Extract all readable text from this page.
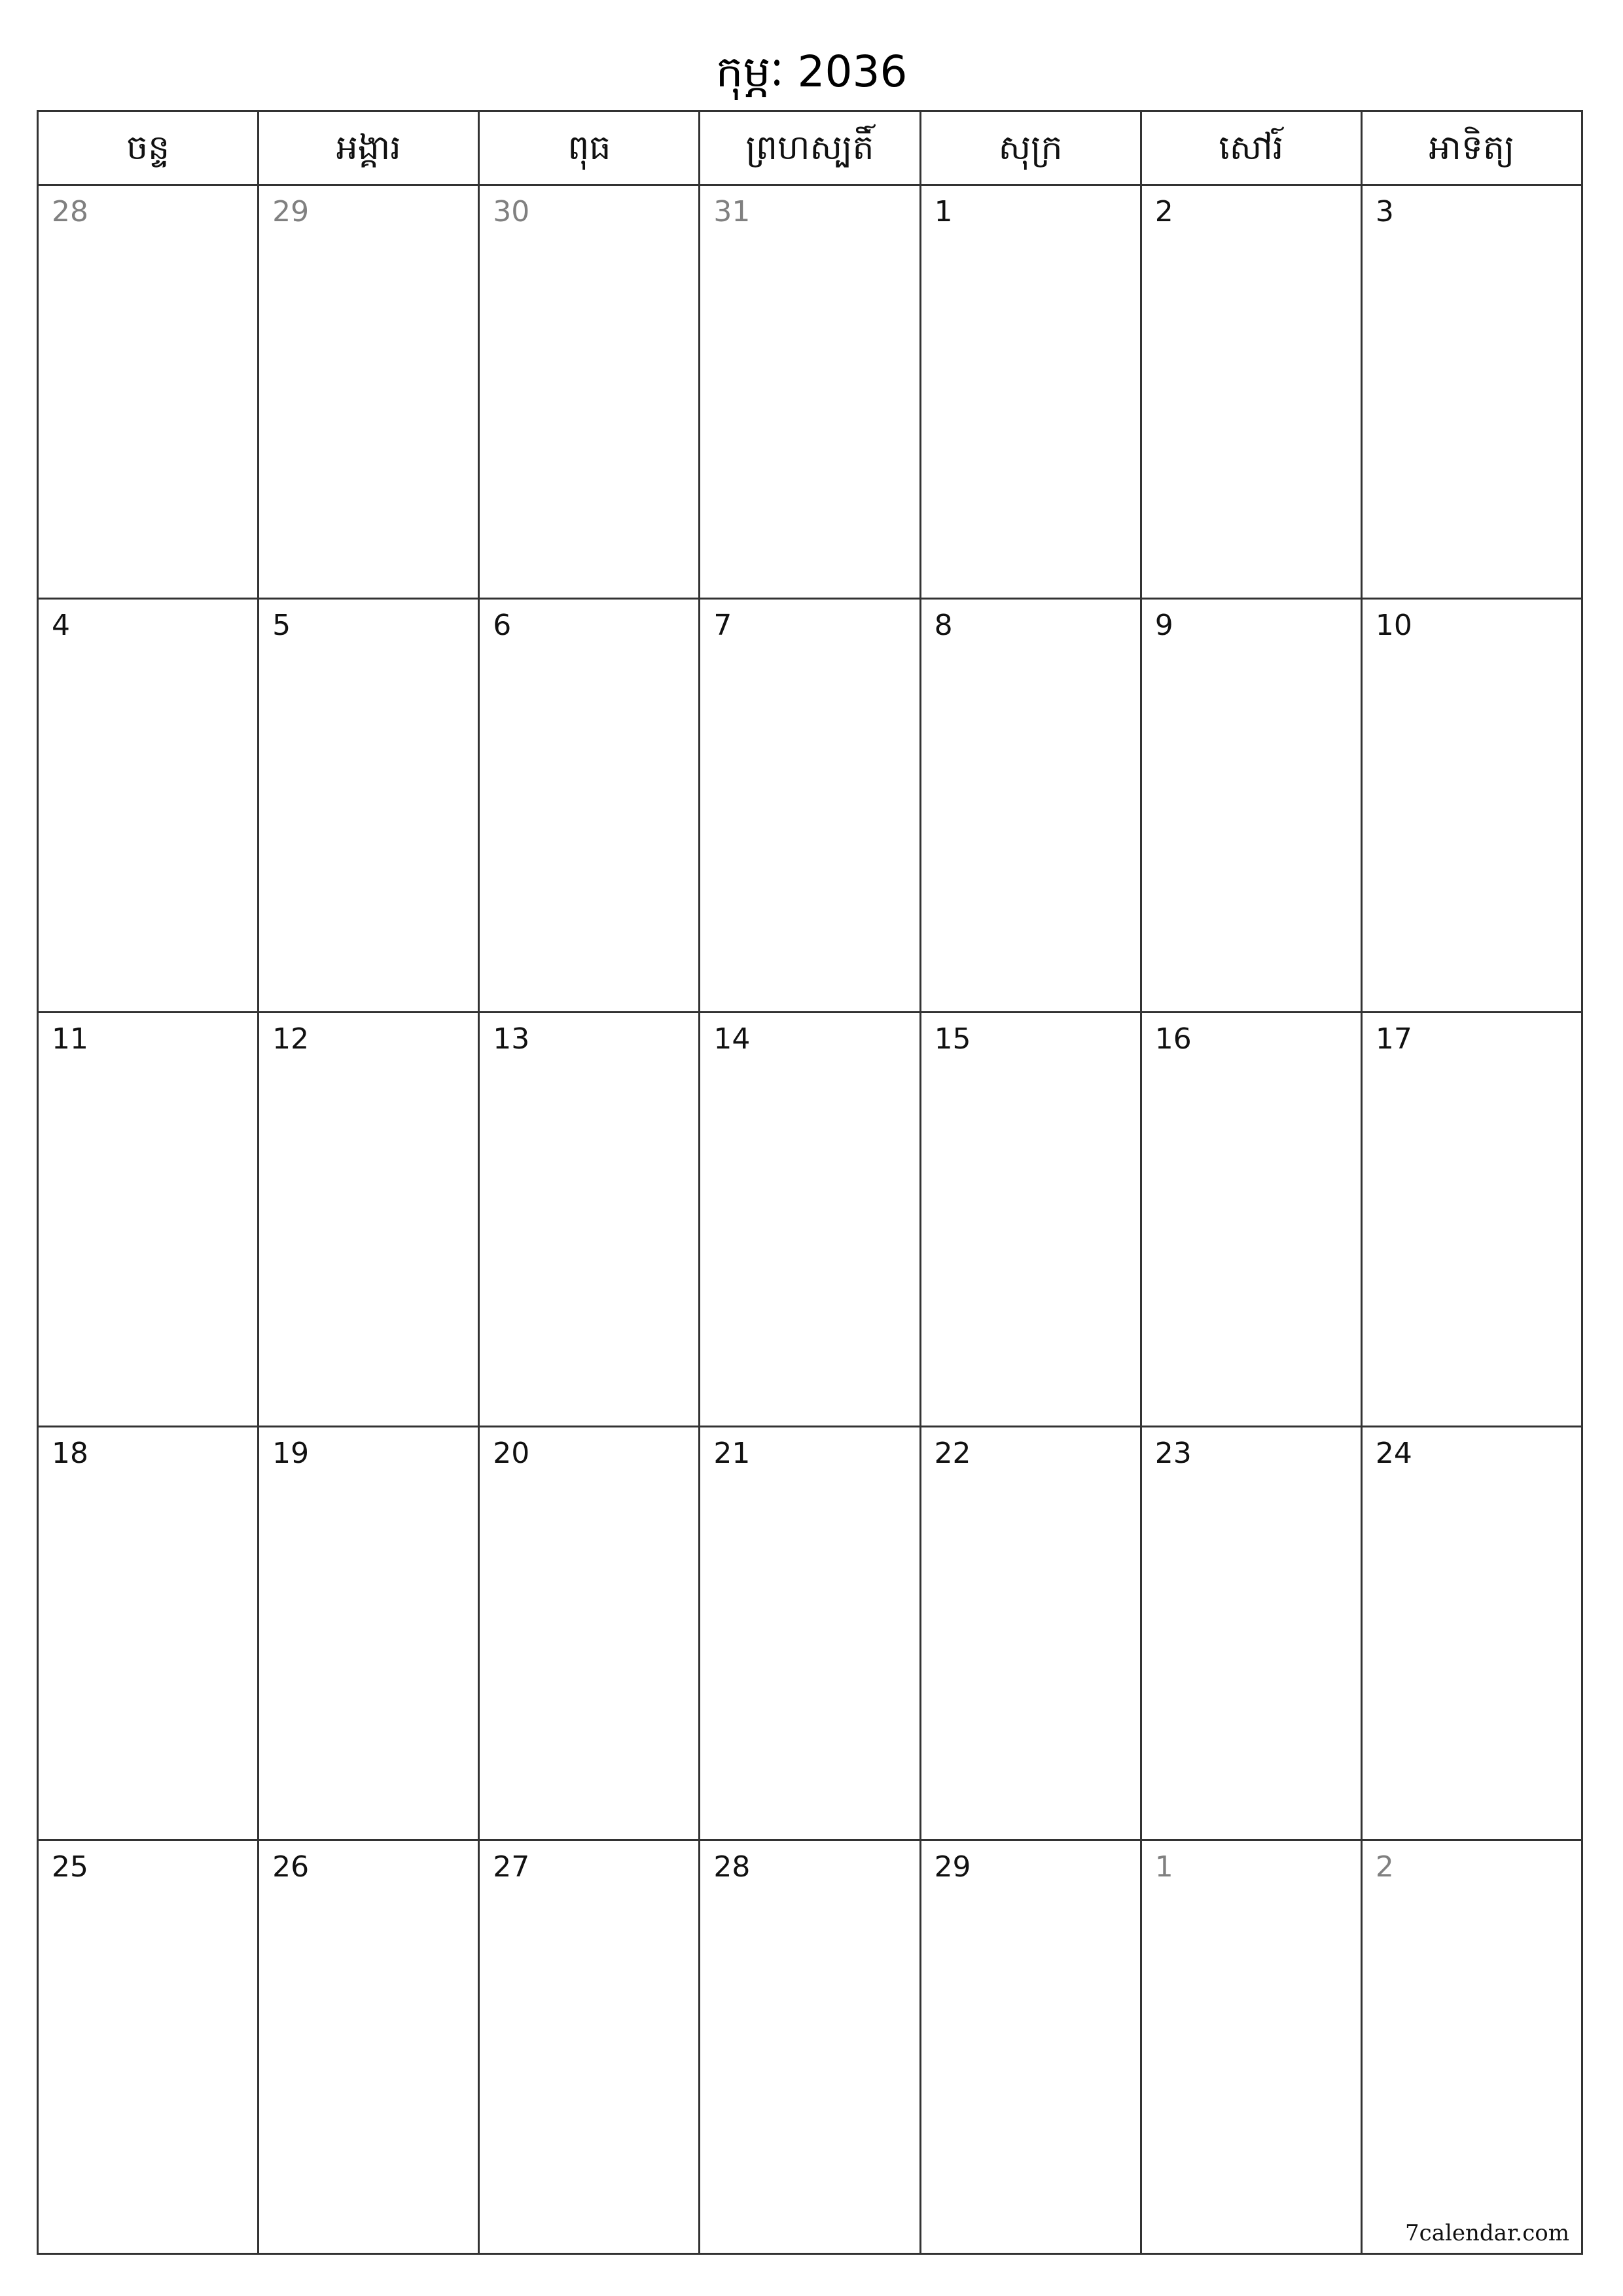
កុម្ភៈ 2036
ចន្ទ	អង្គារ	ពុធ	ព្រហស្បតិ៍	សុក្រ	សៅរ៍	អាទិត្យ
28	29	30	31	1	2	3
4	5	6	7	8	9	10
11	12	13	14	15	16	17
18	19	20	21	22	23	24
25	26	27	28	29	1	2
7calendar.com
